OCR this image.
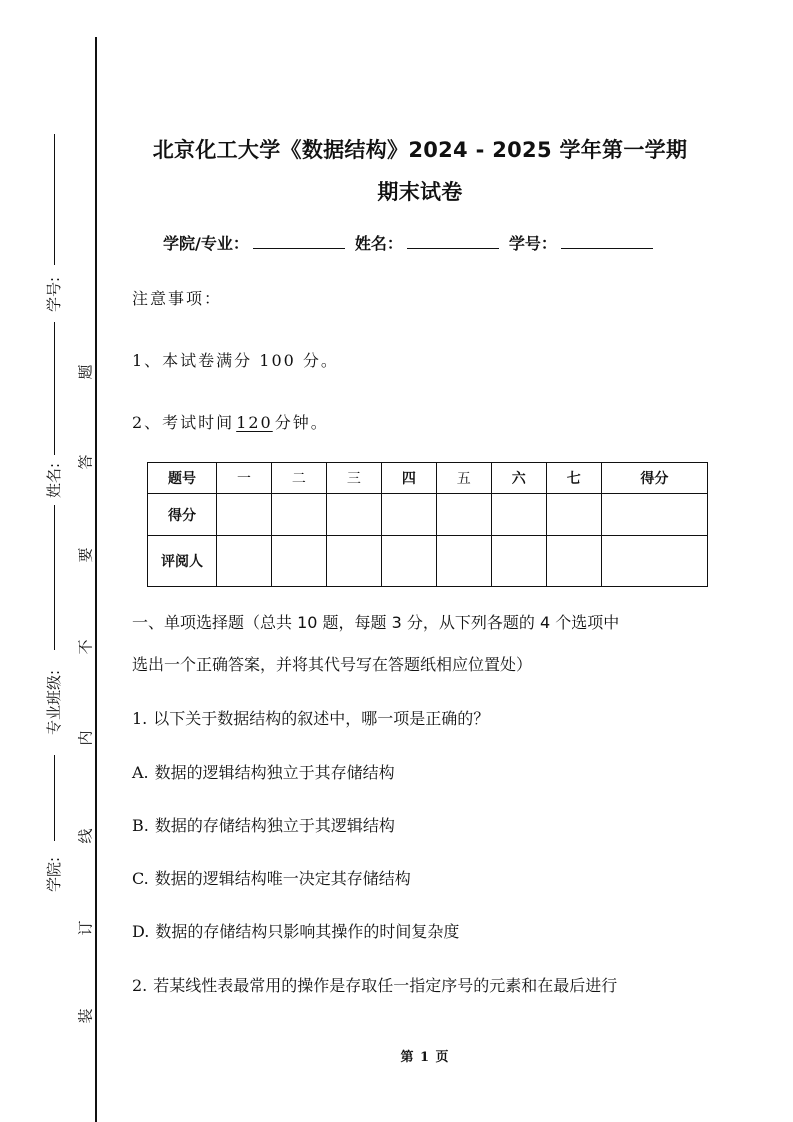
学号:
姓名:
专业班级:
学院:
题
答
要
不
内
线
订
装
北京化工大学《数据结构》2024 - 2025 学年第一学期
期末试卷
学院/专业：	姓名：	学号：
注意事项：
1、本试卷满分 100 分。
2、考试时间120分钟。
题号	一	二	三	四	五	六	七	得分
得分								
评阅人								
一、单项选择题（总共 10 题，每题 3 分，从下列各题的 4 个选项中
选出一个正确答案，并将其代号写在答题纸相应位置处）
1. 以下关于数据结构的叙述中，哪一项是正确的？
A. 数据的逻辑结构独立于其存储结构
B. 数据的存储结构独立于其逻辑结构
C. 数据的逻辑结构唯一决定其存储结构
D. 数据的存储结构只影响其操作的时间复杂度
2. 若某线性表最常用的操作是存取任一指定序号的元素和在最后进行
第 1 页
